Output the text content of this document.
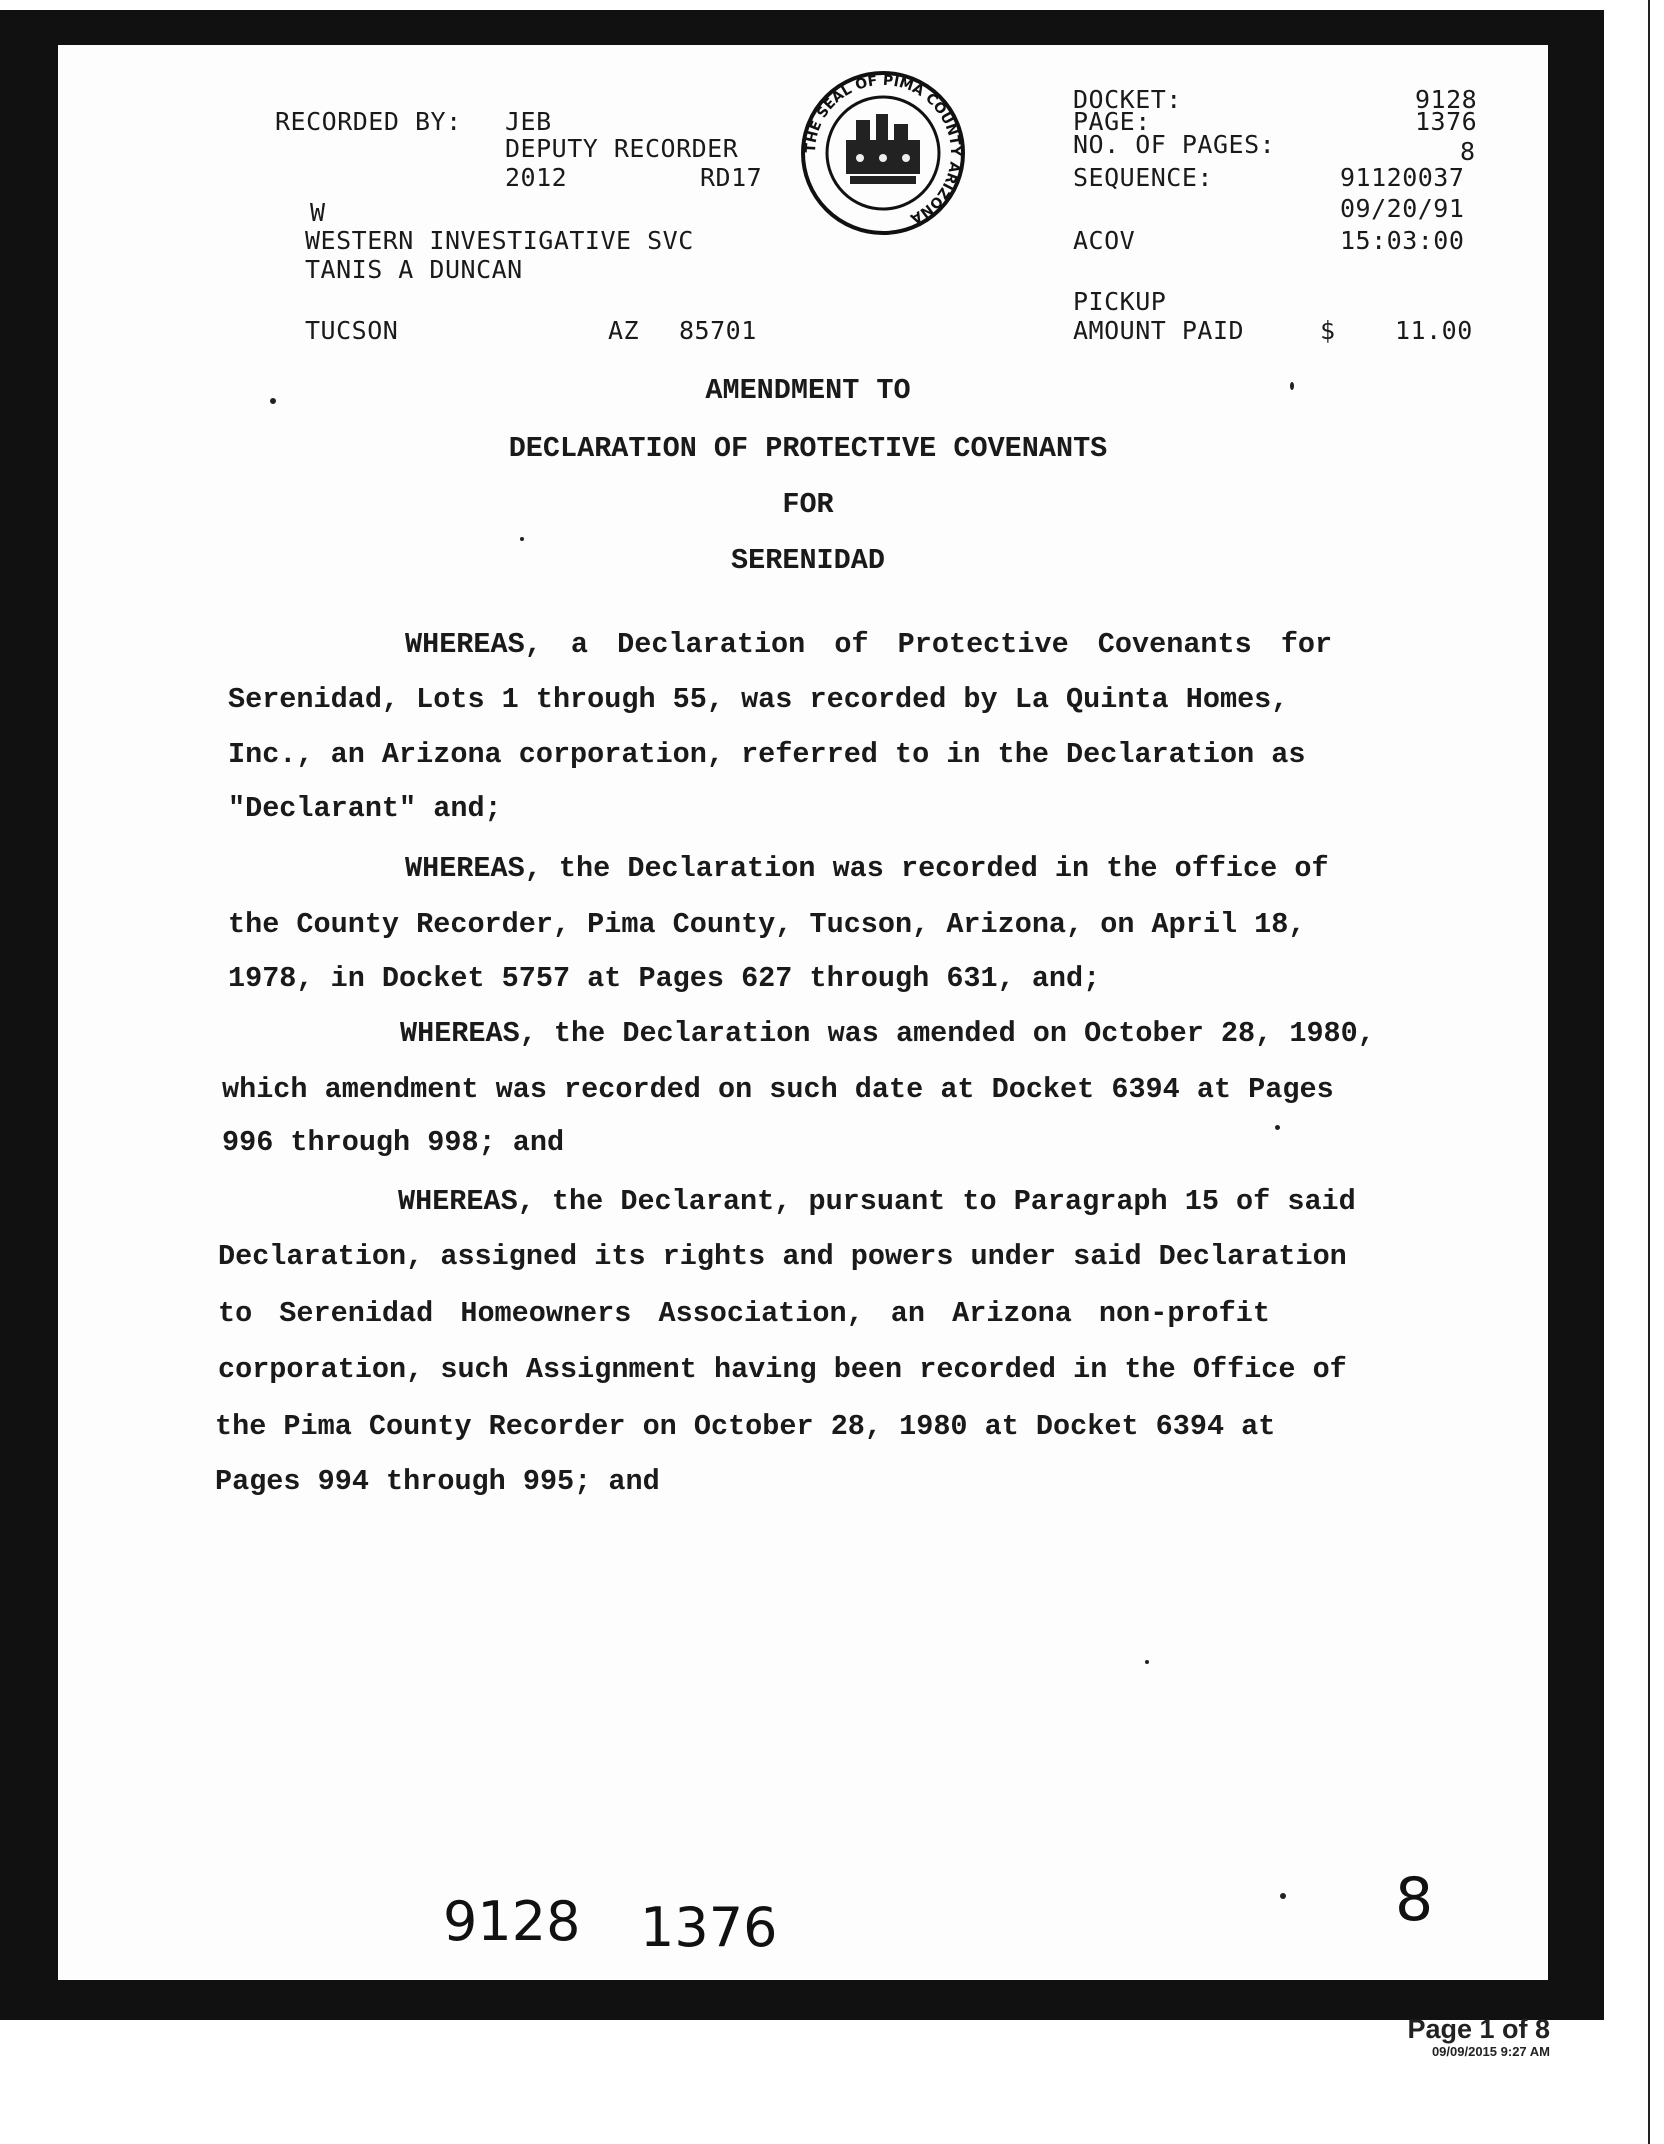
RECORDED BY: JEB
DEPUTY RECORDER
2012	RD17
W
WESTERN INVESTIGATIVE SVC
TANIS A DUNCAN
TUCSON	AZ 85701
THE SEAL OF PIMA COUNTY ARIZONA
DOCKET:	9128
PAGE:	1376
NO. OF PAGES:	8
SEQUENCE:	91120037
09/20/91
ACOV	15:03:00
PICKUP
AMOUNT PAID	$ 11.00
AMENDMENT TO
DECLARATION OF PROTECTIVE COVENANTS
FOR
SERENIDAD
WHEREAS, a Declaration of Protective Covenants for
Serenidad, Lots 1 through 55, was recorded by La Quinta Homes,
Inc., an Arizona corporation, referred to in the Declaration as
"Declarant" and;
WHEREAS, the Declaration was recorded in the office of
the County Recorder, Pima County, Tucson, Arizona, on April 18,
1978, in Docket 5757 at Pages 627 through 631, and;
WHEREAS, the Declaration was amended on October 28, 1980,
which amendment was recorded on such date at Docket 6394 at Pages
996 through 998; and
WHEREAS, the Declarant, pursuant to Paragraph 15 of said
Declaration, assigned its rights and powers under said Declaration
to Serenidad Homeowners Association, an Arizona non-profit
corporation, such Assignment having been recorded in the Office of
the Pima County Recorder on October 28, 1980 at Docket 6394 at
Pages 994 through 995; and
9128 1376	8
Page 1 of 8
09/09/2015 9:27 AM
